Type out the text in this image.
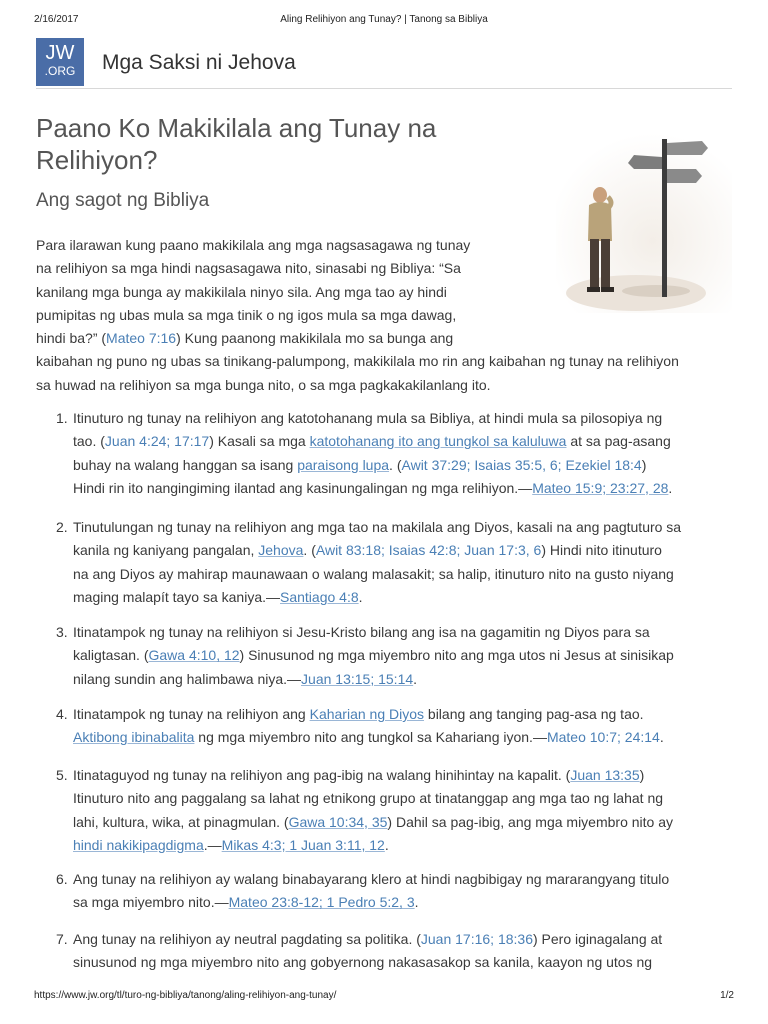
2/16/2017	Aling Relihiyon ang Tunay? | Tanong sa Bibliya
JW
.ORG	Mga Saksi ni Jehova
Paano Ko Makikilala ang Tunay na Relihiyon?
Ang sagot ng Bibliya

Para ilarawan kung paano makikilala ang mga nagsasagawa ng tunay
na relihiyon sa mga hindi nagsasagawa nito, sinasabi ng Bibliya: “Sa
kanilang mga bunga ay makikilala ninyo sila. Ang mga tao ay hindi
pumipitas ng ubas mula sa mga tinik o ng igos mula sa mga dawag,
hindi ba?” (Mateo 7:16) Kung paanong makikilala mo sa bunga ang
kaibahan ng puno ng ubas sa tinikang-palumpong, makikilala mo rin ang kaibahan ng tunay na relihiyon
sa huwad na relihiyon sa mga bunga nito, o sa mga pagkakakilanlang ito.

1. Itinuturo ng tunay na relihiyon ang katotohanang mula sa Bibliya, at hindi mula sa pilosopiya ng
tao. (Juan 4:24; 17:17) Kasali sa mga katotohanang ito ang tungkol sa kaluluwa at sa pag-asang
buhay na walang hanggan sa isang paraisong lupa. (Awit 37:29; Isaias 35:5, 6; Ezekiel 18:4)
Hindi rin ito nangingiming ilantad ang kasinungalingan ng mga relihiyon.—Mateo 15:9; 23:27, 28.
2. Tinutulungan ng tunay na relihiyon ang mga tao na makilala ang Diyos, kasali na ang pagtuturo sa
kanila ng kaniyang pangalan, Jehova. (Awit 83:18; Isaias 42:8; Juan 17:3, 6) Hindi nito itinuturo
na ang Diyos ay mahirap maunawaan o walang malasakit; sa halip, itinuturo nito na gusto niyang
maging malapít tayo sa kaniya.—Santiago 4:8.
3. Itinatampok ng tunay na relihiyon si Jesu-Kristo bilang ang isa na gagamitin ng Diyos para sa
kaligtasan. (Gawa 4:10, 12) Sinusunod ng mga miyembro nito ang mga utos ni Jesus at sinisikap
nilang sundin ang halimbawa niya.—Juan 13:15; 15:14.
4. Itinatampok ng tunay na relihiyon ang Kaharian ng Diyos bilang ang tanging pag-asa ng tao.
Aktibong ibinabalita ng mga miyembro nito ang tungkol sa Kahariang iyon.—Mateo 10:7; 24:14.
5. Itinataguyod ng tunay na relihiyon ang pag-ibig na walang hinihintay na kapalit. (Juan 13:35)
Itinuturo nito ang paggalang sa lahat ng etnikong grupo at tinatanggap ang mga tao ng lahat ng
lahi, kultura, wika, at pinagmulan. (Gawa 10:34, 35) Dahil sa pag-ibig, ang mga miyembro nito ay
hindi nakikipagdigma.—Mikas 4:3; 1 Juan 3:11, 12.
6. Ang tunay na relihiyon ay walang binabayarang klero at hindi nagbibigay ng mararangyang titulo
sa mga miyembro nito.—Mateo 23:8-12; 1 Pedro 5:2, 3.
7. Ang tunay na relihiyon ay neutral pagdating sa politika. (Juan 17:16; 18:36) Pero iginagalang at
sinusunod ng mga miyembro nito ang gobyernong nakasasakop sa kanila, kaayon ng utos ng
https://www.jw.org/tl/turo-ng-bibliya/tanong/aling-relihiyon-ang-tunay/	1/2
